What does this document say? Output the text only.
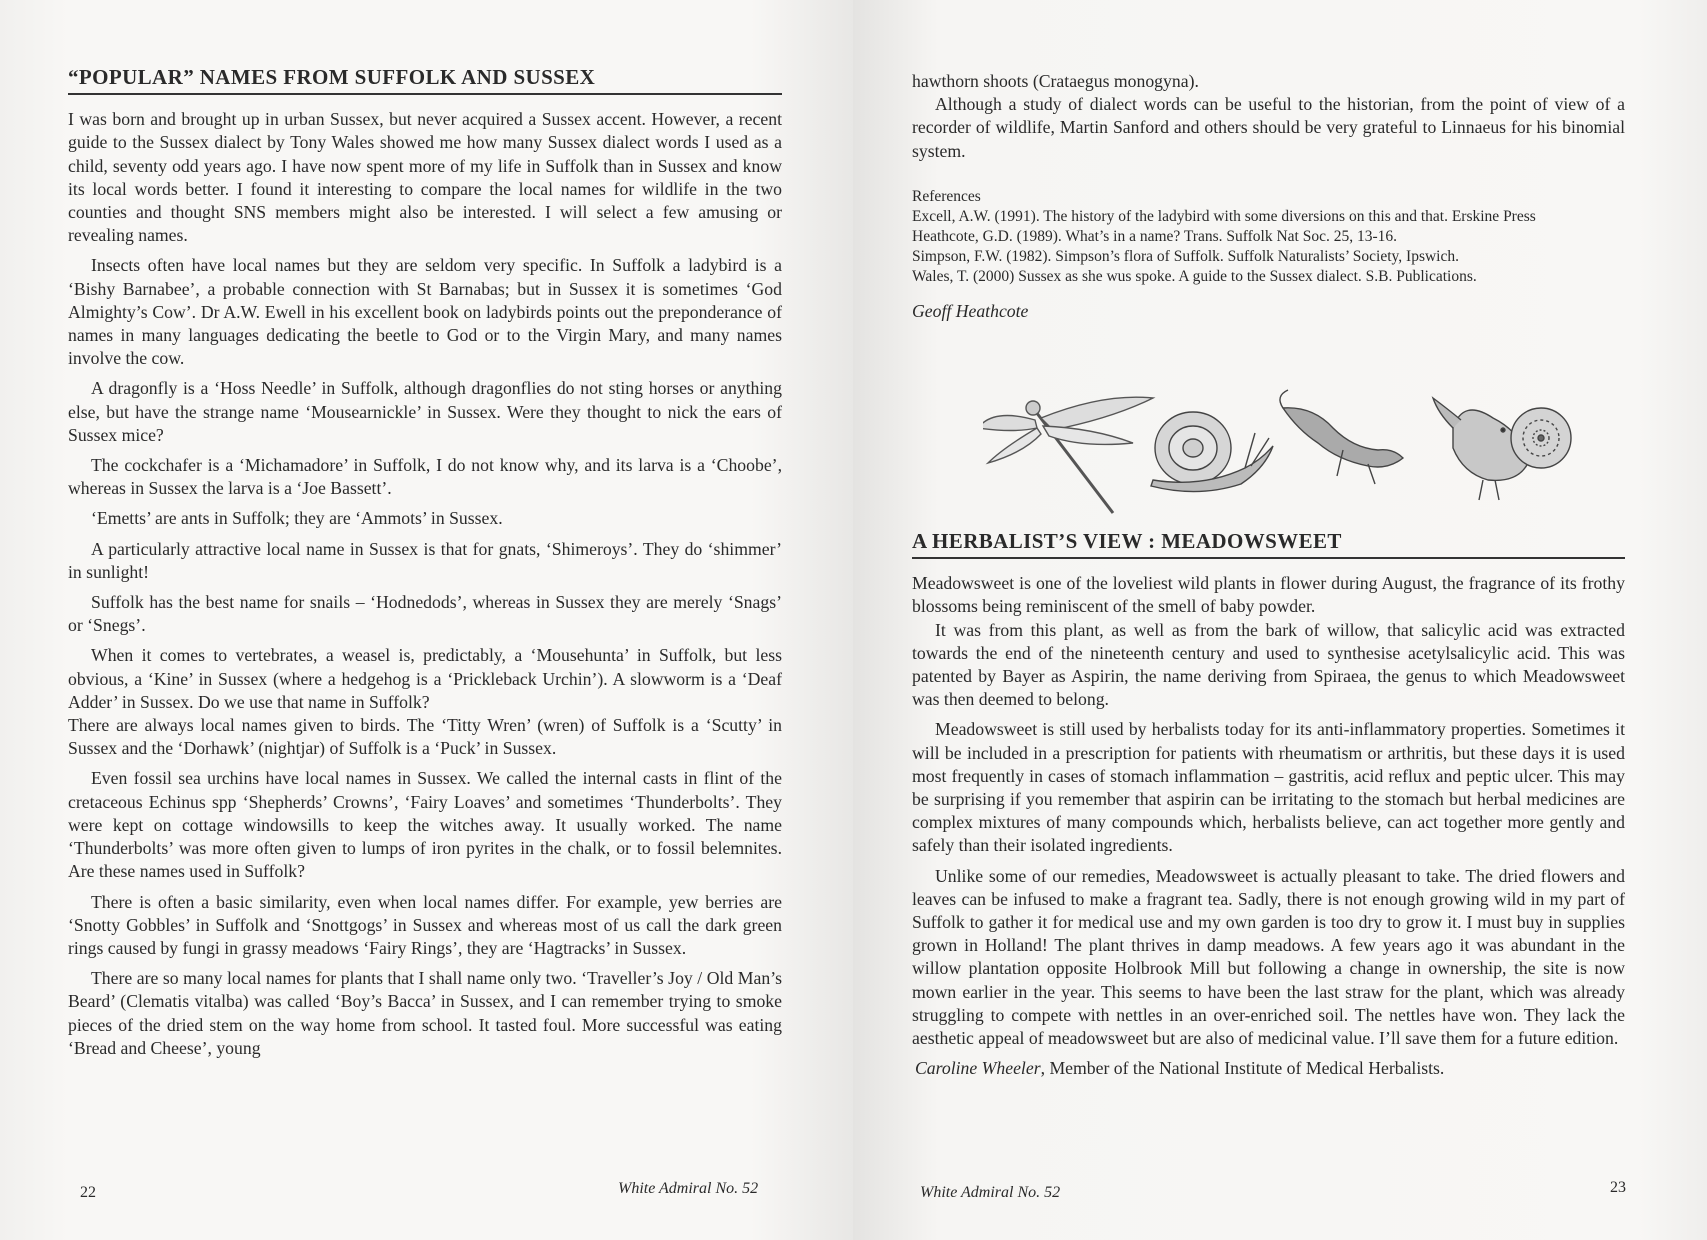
“POPULAR” NAMES FROM SUFFOLK AND SUSSEX

I was born and brought up in urban Sussex, but never acquired a Sussex accent. However, a recent guide to the Sussex dialect by Tony Wales showed me how many Sussex dialect words I used as a child, seventy odd years ago. I have now spent more of my life in Suffolk than in Sussex and know its local words better. I found it interesting to compare the local names for wildlife in the two counties and thought SNS members might also be interested. I will select a few amusing or revealing names.

Insects often have local names but they are seldom very specific. In Suffolk a ladybird is a ‘Bishy Barnabee’, a probable connection with St Barnabas; but in Sussex it is sometimes ‘God Almighty’s Cow’. Dr A.W. Ewell in his excellent book on ladybirds points out the preponderance of names in many languages dedicating the beetle to God or to the Virgin Mary, and many names involve the cow.

A dragonfly is a ‘Hoss Needle’ in Suffolk, although dragonflies do not sting horses or anything else, but have the strange name ‘Mousearnickle’ in Sussex. Were they thought to nick the ears of Sussex mice?

The cockchafer is a ‘Michamadore’ in Suffolk, I do not know why, and its larva is a ‘Choobe’, whereas in Sussex the larva is a ‘Joe Bassett’.

‘Emetts’ are ants in Suffolk; they are ‘Ammots’ in Sussex.

A particularly attractive local name in Sussex is that for gnats, ‘Shimeroys’. They do ‘shimmer’ in sunlight!

Suffolk has the best name for snails – ‘Hodnedods’, whereas in Sussex they are merely ‘Snags’ or ‘Snegs’.

When it comes to vertebrates, a weasel is, predictably, a ‘Mousehunta’ in Suffolk, but less obvious, a ‘Kine’ in Sussex (where a hedgehog is a ‘Prickleback Urchin’). A slowworm is a ‘Deaf Adder’ in Sussex. Do we use that name in Suffolk?

There are always local names given to birds. The ‘Titty Wren’ (wren) of Suffolk is a ‘Scutty’ in Sussex and the ‘Dorhawk’ (nightjar) of Suffolk is a ‘Puck’ in Sussex.

Even fossil sea urchins have local names in Sussex. We called the internal casts in flint of the cretaceous Echinus spp ‘Shepherds’ Crowns’, ‘Fairy Loaves’ and sometimes ‘Thunderbolts’. They were kept on cottage windowsills to keep the witches away. It usually worked. The name ‘Thunderbolts’ was more often given to lumps of iron pyrites in the chalk, or to fossil belemnites. Are these names used in Suffolk?

There is often a basic similarity, even when local names differ. For example, yew berries are ‘Snotty Gobbles’ in Suffolk and ‘Snottgogs’ in Sussex and whereas most of us call the dark green rings caused by fungi in grassy meadows ‘Fairy Rings’, they are ‘Hagtracks’ in Sussex.

There are so many local names for plants that I shall name only two. ‘Traveller’s Joy / Old Man’s Beard’ (Clematis vitalba) was called ‘Boy’s Bacca’ in Sussex, and I can remember trying to smoke pieces of the dried stem on the way home from school. It tasted foul. More successful was eating ‘Bread and Cheese’, young

22	White Admiral No. 52

hawthorn shoots (Crataegus monogyna).

Although a study of dialect words can be useful to the historian, from the point of view of a recorder of wildlife, Martin Sanford and others should be very grateful to Linnaeus for his binomial system.

References
Excell, A.W. (1991). The history of the ladybird with some diversions on this and that. Erskine Press
Heathcote, G.D. (1989). What’s in a name? Trans. Suffolk Nat Soc. 25, 13-16.
Simpson, F.W. (1982). Simpson’s flora of Suffolk. Suffolk Naturalists’ Society, Ipswich.
Wales, T. (2000) Sussex as she wus spoke. A guide to the Sussex dialect. S.B. Publications.
Geoff Heathcote
A HERBALIST’S VIEW : MEADOWSWEET

Meadowsweet is one of the loveliest wild plants in flower during August, the fragrance of its frothy blossoms being reminiscent of the smell of baby powder.

It was from this plant, as well as from the bark of willow, that salicylic acid was extracted towards the end of the nineteenth century and used to synthesise acetylsalicylic acid. This was patented by Bayer as Aspirin, the name deriving from Spiraea, the genus to which Meadowsweet was then deemed to belong.

Meadowsweet is still used by herbalists today for its anti-inflammatory properties. Sometimes it will be included in a prescription for patients with rheumatism or arthritis, but these days it is used most frequently in cases of stomach inflammation – gastritis, acid reflux and peptic ulcer. This may be surprising if you remember that aspirin can be irritating to the stomach but herbal medicines are complex mixtures of many compounds which, herbalists believe, can act together more gently and safely than their isolated ingredients.

Unlike some of our remedies, Meadowsweet is actually pleasant to take. The dried flowers and leaves can be infused to make a fragrant tea. Sadly, there is not enough growing wild in my part of Suffolk to gather it for medical use and my own garden is too dry to grow it. I must buy in supplies grown in Holland! The plant thrives in damp meadows. A few years ago it was abundant in the willow plantation opposite Holbrook Mill but following a change in ownership, the site is now mown earlier in the year. This seems to have been the last straw for the plant, which was already struggling to compete with nettles in an over-enriched soil. The nettles have won. They lack the aesthetic appeal of meadowsweet but are also of medicinal value. I’ll save them for a future edition.

Caroline Wheeler, Member of the National Institute of Medical Herbalists.

White Admiral No. 52	23
